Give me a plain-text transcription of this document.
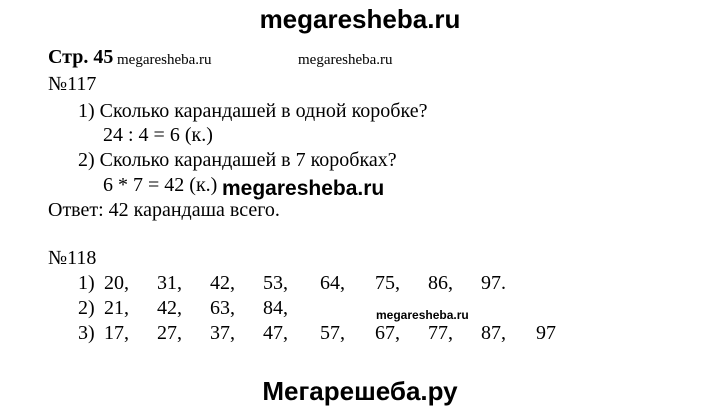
megaresheba.ru
Стр. 45 megaresheba.ru	megaresheba.ru
№117
1) Сколько карандашей в одной коробке?
24 : 4 = 6 (к.)
2) Сколько карандашей в 7 коробках?
6 * 7 = 42 (к.) megaresheba.ru
Ответ: 42 карандаша всего.
№118
1)
2)
3)
20, 31, 42, 53, 64, 75, 86, 97.
21, 42, 63, 84,	megaresheba.ru
17, 27, 37, 47, 57, 67, 77, 87, 97
Мегарешеба.ру
